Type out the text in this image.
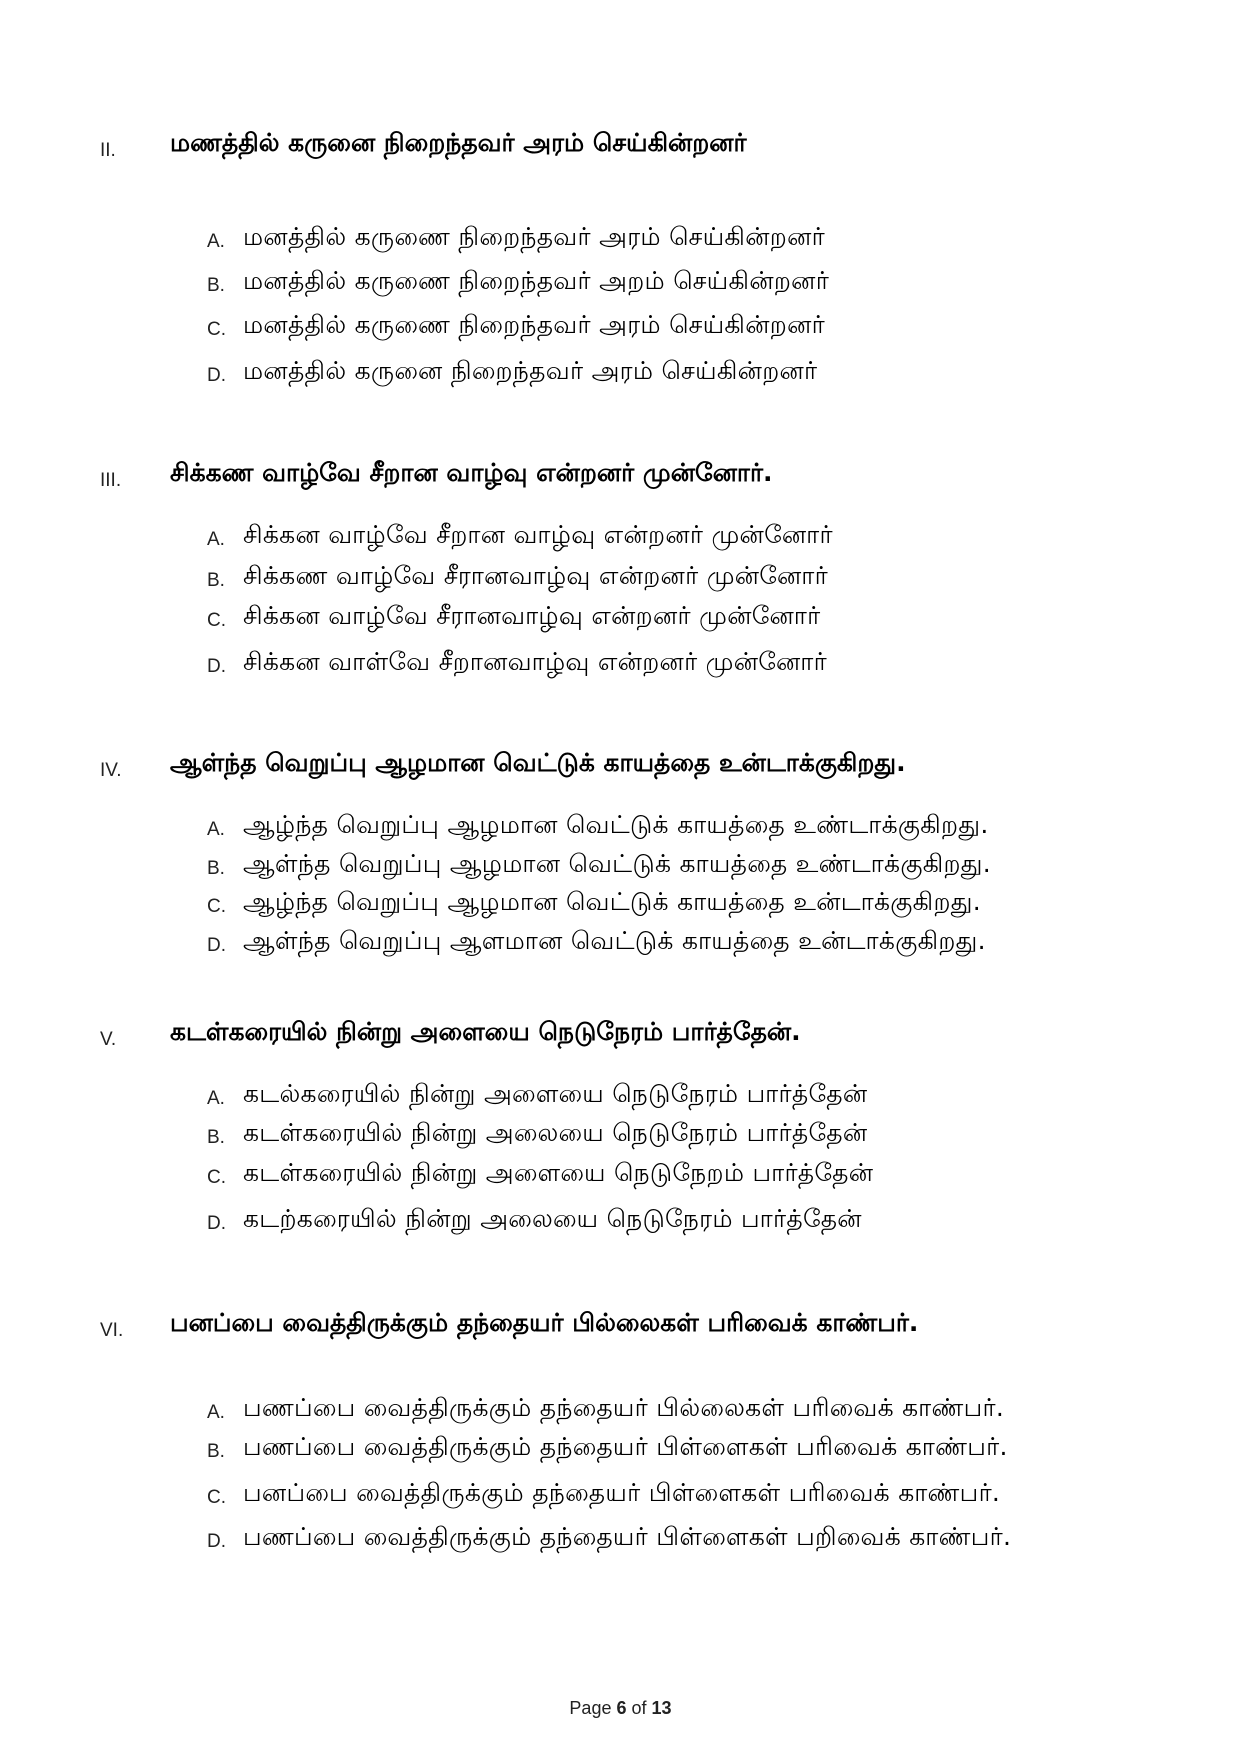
II.	மணத்தில் கருனை நிறைந்தவர் அரம் செய்கின்றனர்
A. மனத்தில் கருணை நிறைந்தவர் அரம் செய்கின்றனர்
B. மனத்தில் கருணை நிறைந்தவர் அறம் செய்கின்றனர்
C. மனத்தில் கருணை நிறைந்தவர் அரம் செய்கின்றனர்
D. மனத்தில் கருனை நிறைந்தவர் அரம் செய்கின்றனர்
III.	சிக்கண வாழ்வே சீறான வாழ்வு என்றனர் முன்னோர்.
A. சிக்கன வாழ்வே சீறான வாழ்வு என்றனர் முன்னோர்
B. சிக்கண வாழ்வே சீரானவாழ்வு என்றனர் முன்னோர்
C. சிக்கன வாழ்வே சீரானவாழ்வு என்றனர் முன்னோர்
D. சிக்கன வாள்வே சீறானவாழ்வு என்றனர் முன்னோர்
IV.	ஆள்ந்த வெறுப்பு ஆழமான வெட்டுக் காயத்தை உன்டாக்குகிறது.
A. ஆழ்ந்த வெறுப்பு ஆழமான வெட்டுக் காயத்தை உண்டாக்குகிறது.
B. ஆள்ந்த வெறுப்பு ஆழமான வெட்டுக் காயத்தை உண்டாக்குகிறது.
C. ஆழ்ந்த வெறுப்பு ஆழமான வெட்டுக் காயத்தை உன்டாக்குகிறது.
D. ஆள்ந்த வெறுப்பு ஆளமான வெட்டுக் காயத்தை உன்டாக்குகிறது.
V.	கடள்கரையில் நின்று அளையை நெடுநேரம் பார்த்தேன்.
A. கடல்கரையில் நின்று அளையை நெடுநேரம் பார்த்தேன்
B. கடள்கரையில் நின்று அலையை நெடுநேரம் பார்த்தேன்
C. கடள்கரையில் நின்று அளையை நெடுநேறம் பார்த்தேன்
D. கடற்கரையில் நின்று அலையை நெடுநேரம் பார்த்தேன்
VI.	பனப்பை வைத்திருக்கும் தந்தையர் பில்லைகள் பரிவைக் காண்பர்.
A. பணப்பை வைத்திருக்கும் தந்தையர் பில்லைகள் பரிவைக் காண்பர்.
B. பணப்பை வைத்திருக்கும் தந்தையர் பிள்ளைகள் பரிவைக் காண்பர்.
C. பனப்பை வைத்திருக்கும் தந்தையர் பிள்ளைகள் பரிவைக் காண்பர்.
D. பணப்பை வைத்திருக்கும் தந்தையர் பிள்ளைகள் பறிவைக் காண்பர்.
Page 6 of 13
